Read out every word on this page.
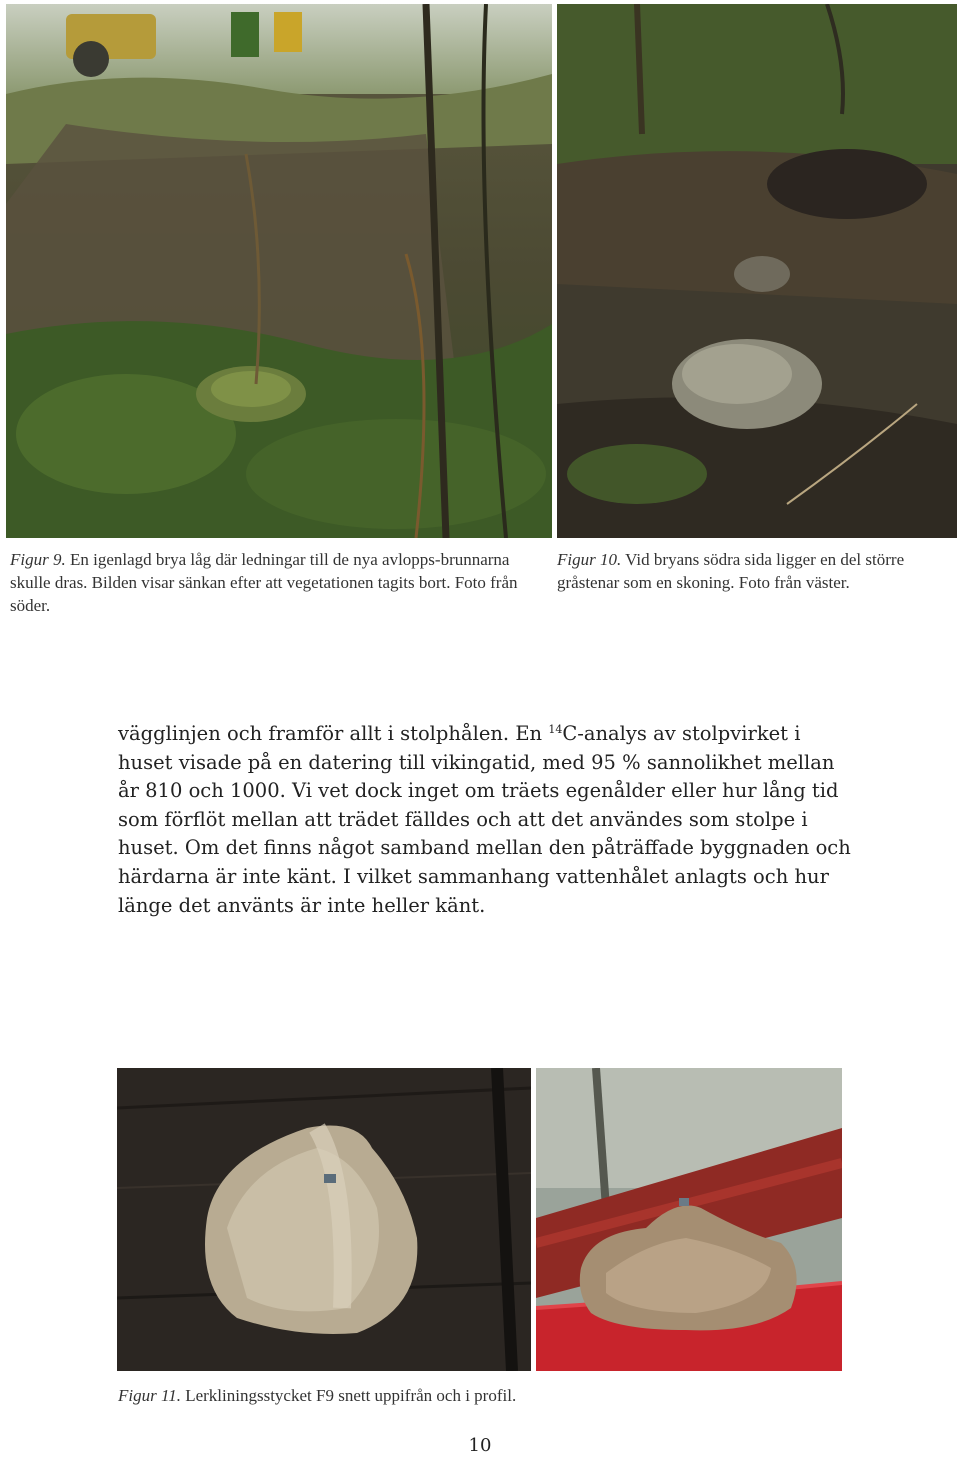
Figur 9. En igenlagd brya låg där ledningar till de nya avlopps-brunnarna skulle dras. Bilden visar sänkan efter att vegetationen tagits bort. Foto från söder.
Figur 10. Vid bryans södra sida ligger en del större gråstenar som en skoning. Foto från väster.

vägglinjen och framför allt i stolphålen. En $^{14}$C-analys av stolpvirket i huset visade på en datering till vikingatid, med 95 % sannolikhet mellan år 810 och 1000. Vi vet dock inget om träets egenålder eller hur lång tid som förflöt mellan att trädet fälldes och att det användes som stolpe i huset. Om det finns något samband mellan den påträffade byggnaden och härdarna är inte känt. I vilket sammanhang vattenhålet anlagts och hur länge det använts är inte heller känt.

Figur 11. Lerkliningsstycket F9 snett uppifrån och i profil.
10
